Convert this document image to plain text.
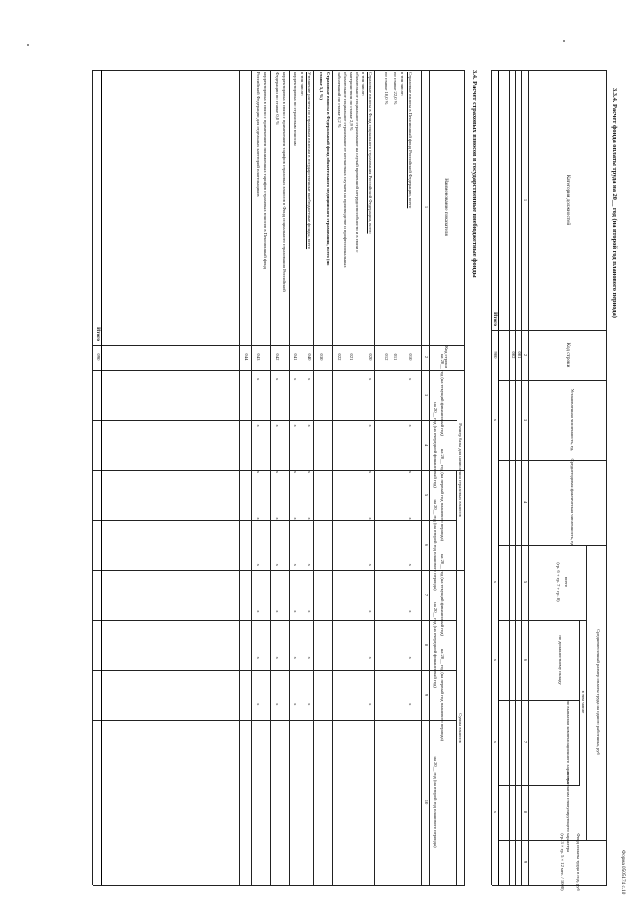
Форма 0505174 с.10
3.3.4. Расчет фонда оплаты труда на 20__ год (на второй год планового периода)
Категория должностей
Код строки
Установленная численность, ед.
Среднегодовая фактическая численность, ед
Среднемесячный размер оплаты труда на одного работника, руб
всего
(гр. 6 + гр. 7 + гр. 8)
в том числе
по должностному окладу
по выплатам компенсационного характера
по выплатам стимулирующего характера
Фонд оплаты труда в год, руб
(гр. 3 × гр. 5 × 12 мес. / 1000)
1
2
3
4
5
6
7
8
9
001
002
Итого
900
x
x
x
x
x
3.4. Расчет страховых взносов в государственные внебюджетные фонды
Наименование показателя
Код строки
Размер базы для начисления страховых взносов
Сумма взносов
на 20__ год (на текущий финансовый год)
на 20__ год (на очередной финансовый год)
на 20__ год (на первый год планового периода)
на 20__ год (на второй год планового периода)
на 20__ год (на текущий финансовый год)
на 20__ год (на очередной финансовый год)
на 20__ год (на первый год планового периода)
на 20__ год (на второй год планового периода)
1
2
3
4
5
6
7
8
9
10
Страховые взносы в Пенсионный фонд Российской Федерации, всего
010
x x x x x x x x
в том числе:
по ставке 22,0 %
011
по ставке 10,0 %
012
Страховые взносы в Фонд социального страхования Российской Федерации, всего
020
x x x x x x x x
в том числе:
обязательное социальное страхование на случай временной нетрудоспособности и в связи с
материнством по ставке 2,9 %
021
обязательное социальное страхование от несчастных случаев на производстве и профессиональных
заболеваний по ставке 0,2 %
022
Страховые взносы в Федеральный фонд обязательного медицинского страхования, всего (по
ставке 5,1 %)
030
Уточнение расчета по страховым взносам в государственные внебюджетные фонды, всего
040
x x x x x x x x
в том числе:
корректировка по страховым взносам
041
x x x x x x x x
корректировка в связи с применением тарифов страховых взносов в Фонд социального страхования Российской
Федерации по ставке 0,0 %
042
x x x x x x x x
корректировка в связи с применением пониженных тарифов страховых взносов в Пенсионный фонд
Российской Федерации для отдельных категорий плательщиков
043
x x x x x x x x
044
Итого
090
